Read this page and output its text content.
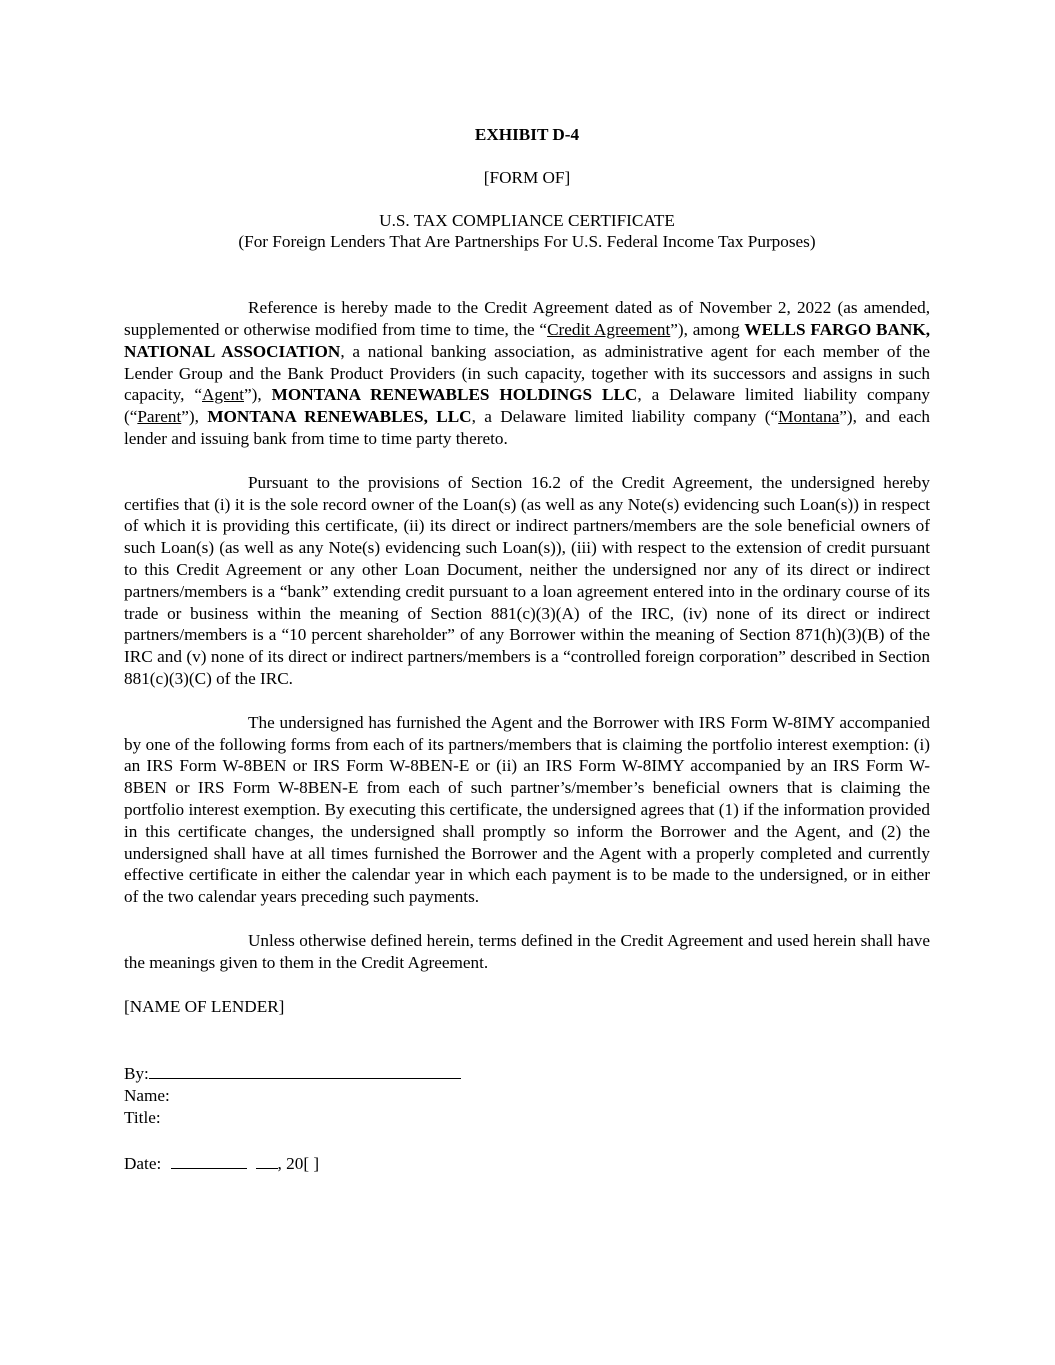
EXHIBIT D-4
[FORM OF]
U.S. TAX COMPLIANCE CERTIFICATE
(For Foreign Lenders That Are Partnerships For U.S. Federal Income Tax Purposes)

Reference is hereby made to the Credit Agreement dated as of November 2, 2022 (as amended, supplemented or otherwise modified from time to time, the “Credit Agreement”), among WELLS FARGO BANK, NATIONAL ASSOCIATION, a national banking association, as administrative agent for each member of the Lender Group and the Bank Product Providers (in such capacity, together with its successors and assigns in such capacity, “Agent”), MONTANA RENEWABLES HOLDINGS LLC, a Delaware limited liability company (“Parent”), MONTANA RENEWABLES, LLC, a Delaware limited liability company (“Montana”), and each lender and issuing bank from time to time party thereto.

Pursuant to the provisions of Section 16.2 of the Credit Agreement, the undersigned hereby certifies that (i) it is the sole record owner of the Loan(s) (as well as any Note(s) evidencing such Loan(s)) in respect of which it is providing this certificate, (ii) its direct or indirect partners/members are the sole beneficial owners of such Loan(s) (as well as any Note(s) evidencing such Loan(s)), (iii) with respect to the extension of credit pursuant to this Credit Agreement or any other Loan Document, neither the undersigned nor any of its direct or indirect partners/members is a “bank” extending credit pursuant to a loan agreement entered into in the ordinary course of its trade or business within the meaning of Section 881(c)(3)(A) of the IRC, (iv) none of its direct or indirect partners/members is a “10 percent shareholder” of any Borrower within the meaning of Section 871(h)(3)(B) of the IRC and (v) none of its direct or indirect partners/members is a “controlled foreign corporation” described in Section 881(c)(3)(C) of the IRC.

The undersigned has furnished the Agent and the Borrower with IRS Form W-8IMY accompanied by one of the following forms from each of its partners/members that is claiming the portfolio interest exemption: (i) an IRS Form W-8BEN or IRS Form W-8BEN-E or (ii) an IRS Form W-8IMY accompanied by an IRS Form W-8BEN or IRS Form W-8BEN-E from each of such partner’s/member’s beneficial owners that is claiming the portfolio interest exemption. By executing this certificate, the undersigned agrees that (1) if the information provided in this certificate changes, the undersigned shall promptly so inform the Borrower and the Agent, and (2) the undersigned shall have at all times furnished the Borrower and the Agent with a properly completed and currently effective certificate in either the calendar year in which each payment is to be made to the undersigned, or in either of the two calendar years preceding such payments.

Unless otherwise defined herein, terms defined in the Credit Agreement and used herein shall have the meanings given to them in the Credit Agreement.

[NAME OF LENDER]
By:
Name:
Title:
Date:	, 20[ ]
